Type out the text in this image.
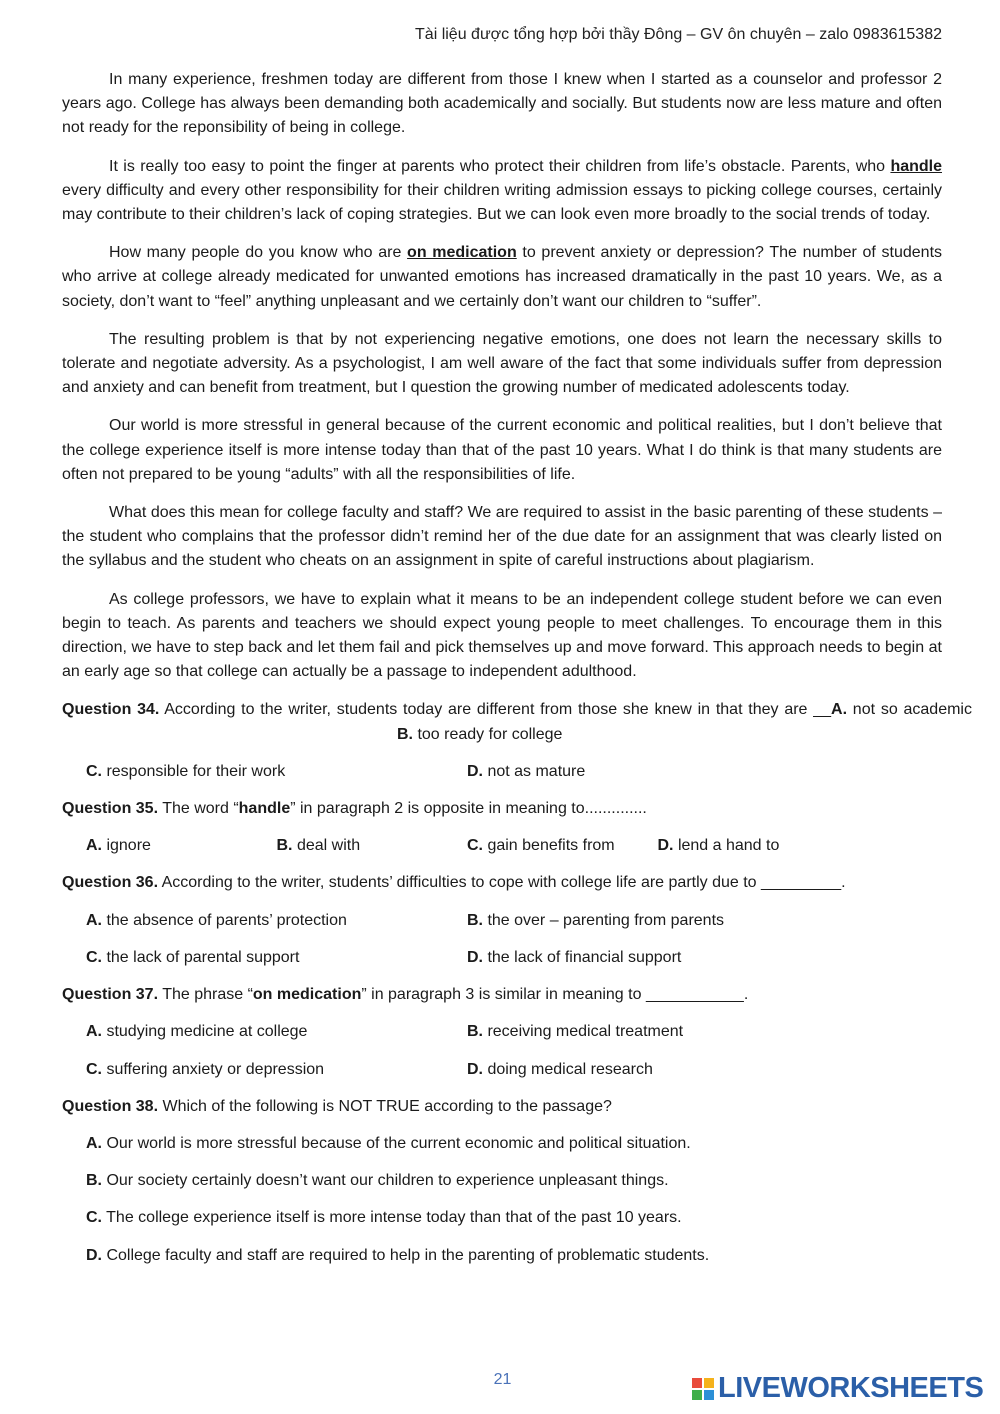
Tài liệu được tổng hợp bởi thầy Đông – GV ôn chuyên – zalo 0983615382

In many experience, freshmen today are different from those I knew when I started as a counselor and professor 2 years ago. College has always been demanding both academically and socially. But students now are less mature and often not ready for the reponsibility of being in college.

It is really too easy to point the finger at parents who protect their children from life’s obstacle. Parents, who handle every difficulty and every other responsibility for their children writing admission essays to picking college courses, certainly may contribute to their children’s lack of coping strategies. But we can look even more broadly to the social trends of today.

How many people do you know who are on medication to prevent anxiety or depression? The number of students who arrive at college already medicated for unwanted emotions has increased dramatically in the past 10 years. We, as a society, don’t want to “feel” anything unpleasant and we certainly don’t want our children to “suffer”.

The resulting problem is that by not experiencing negative emotions, one does not learn the necessary skills to tolerate and negotiate adversity. As a psychologist, I am well aware of the fact that some individuals suffer from depression and anxiety and can benefit from treatment, but I question the growing number of medicated adolescents today.

Our world is more stressful in general because of the current economic and political realities, but I don’t believe that the college experience itself is more intense today than that of the past 10 years. What I do think is that many students are often not prepared to be young “adults” with all the responsibilities of life.

What does this mean for college faculty and staff? We are required to assist in the basic parenting of these students – the student who complains that the professor didn’t remind her of the due date for an assignment that was clearly listed on the syllabus and the student who cheats on an assignment in spite of careful instructions about plagiarism.

As college professors, we have to explain what it means to be an independent college student before we can even begin to teach. As parents and teachers we should expect young people to meet challenges. To encourage them in this direction, we have to step back and let them fail and pick themselves up and move forward. This approach needs to begin at an early age so that college can actually be a passage to independent adulthood.

Question 34. According to the writer, students today are different from those she knew in that they are __A. not so academicB. too ready for college
C. responsible for their work	D. not as mature
Question 35. The word “handle” in paragraph 2 is opposite in meaning to..............
A. ignore	B. deal with	C. gain benefits from	D. lend a hand to
Question 36. According to the writer, students’ difficulties to cope with college life are partly due to _________.
A. the absence of parents’ protection	B. the over – parenting from parents
C. the lack of parental support	D. the lack of financial support
Question 37. The phrase “on medication” in paragraph 3 is similar in meaning to ___________.
A. studying medicine at college	B. receiving medical treatment
C. suffering anxiety or depression	D. doing medical research
Question 38. Which of the following is NOT TRUE according to the passage?
A. Our world is more stressful because of the current economic and political situation.
B. Our society certainly doesn’t want our children to experience unpleasant things.
C. The college experience itself is more intense today than that of the past 10 years.
D. College faculty and staff are required to help in the parenting of problematic students.
21	LIVEWORKSHEETS
